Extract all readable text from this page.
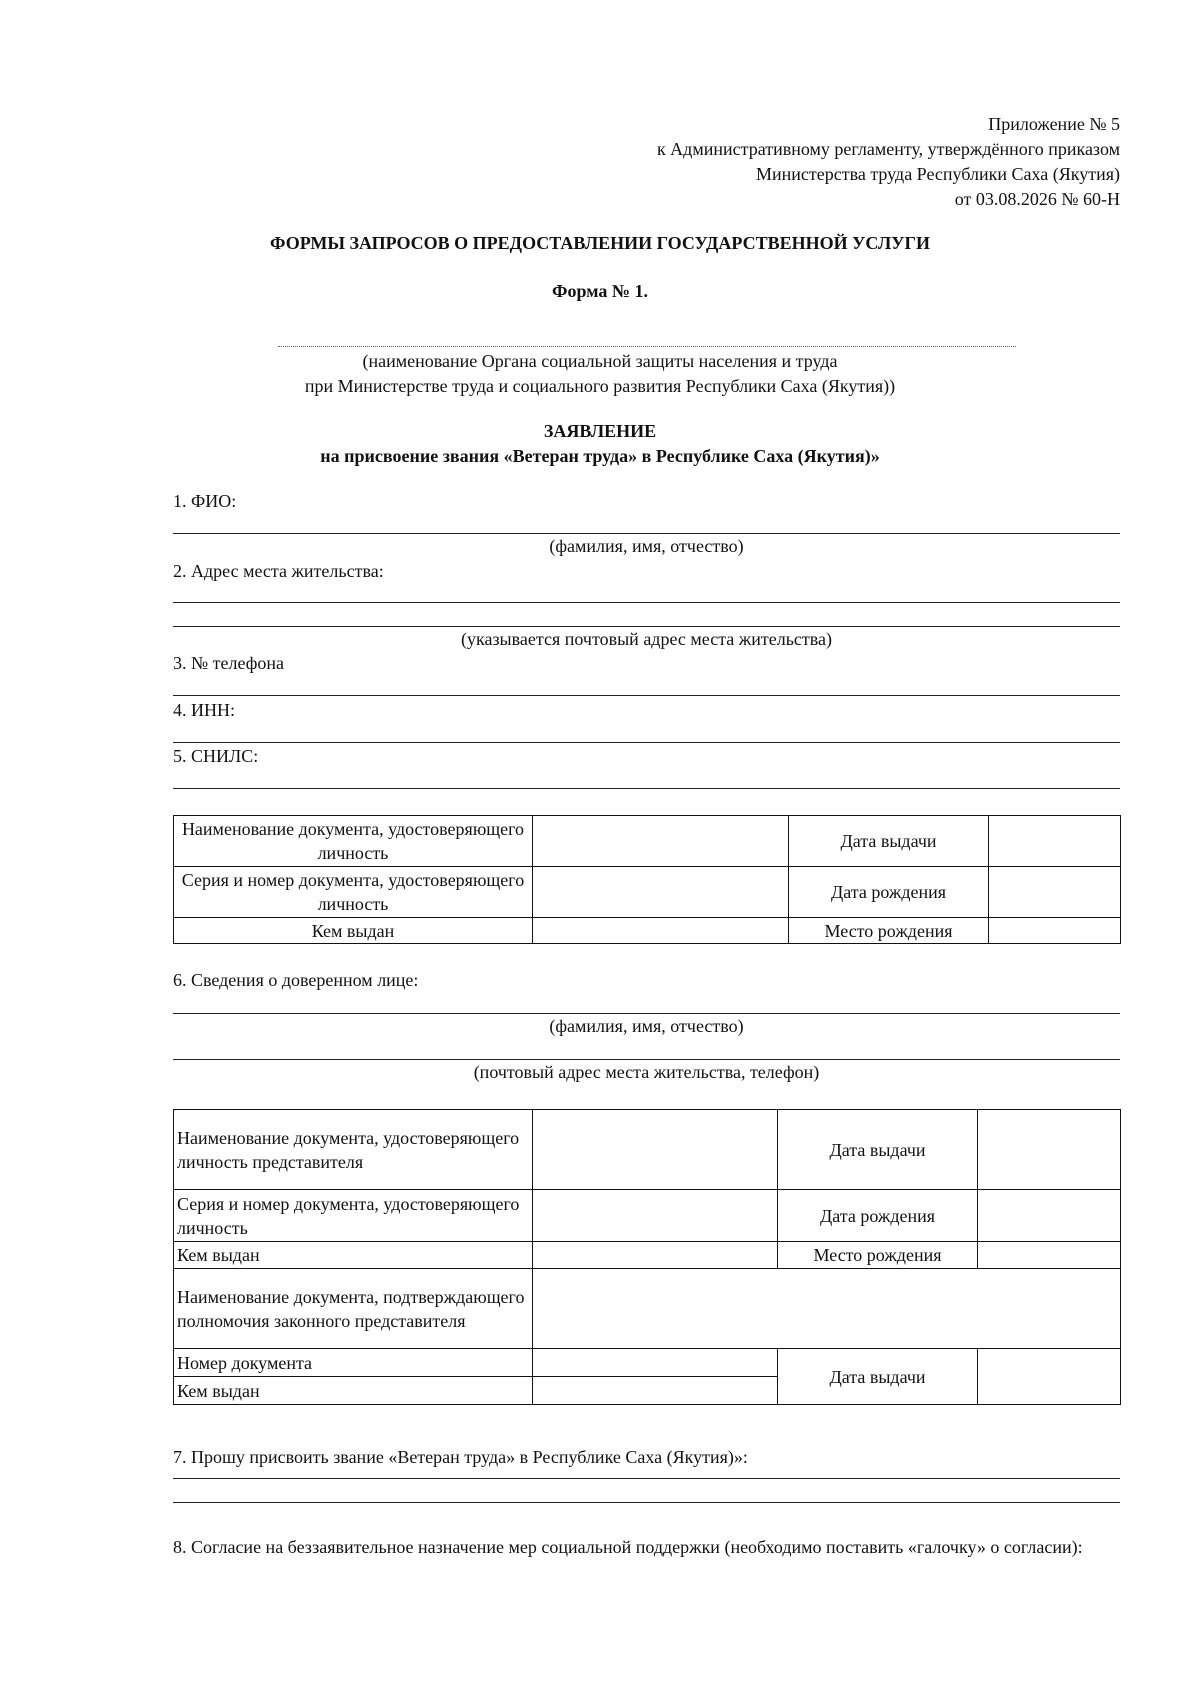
Приложение № 5
к Административному регламенту, утверждённого приказом
Министерства труда Республики Саха (Якутия)
от 03.08.2026 № 60-Н
ФОРМЫ ЗАПРОСОВ О ПРЕДОСТАВЛЕНИИ ГОСУДАРСТВЕННОЙ УСЛУГИ
Форма № 1.
(наименование Органа социальной защиты населения и труда
при Министерстве труда и социального развития Республики Саха (Якутия))
ЗАЯВЛЕНИЕ
на присвоение звания «Ветеран труда» в Республике Саха (Якутия)»
1. ФИО:
(фамилия, имя, отчество)
2. Адрес места жительства:
(указывается почтовый адрес места жительства)
3. № телефона
4. ИНН:
5. СНИЛС:
Наименование документа, удостоверяющего личность		Дата выдачи	
Серия и номер документа, удостоверяющего личность		Дата рождения	
Кем выдан		Место рождения	
6. Сведения о доверенном лице:
(фамилия, имя, отчество)
(почтовый адрес места жительства, телефон)
Наименование документа, удостоверяющего личность представителя		Дата выдачи	
Серия и номер документа, удостоверяющего личность		Дата рождения	
Кем выдан		Место рождения	
Наименование документа, подтверждающего полномочия законного представителя			
Номер документа		Дата выдачи	
Кем выдан			
7. Прошу присвоить звание «Ветеран труда» в Республике Саха (Якутия)»:
8. Согласие на беззаявительное назначение мер социальной поддержки (необходимо поставить «галочку» о согласии):
